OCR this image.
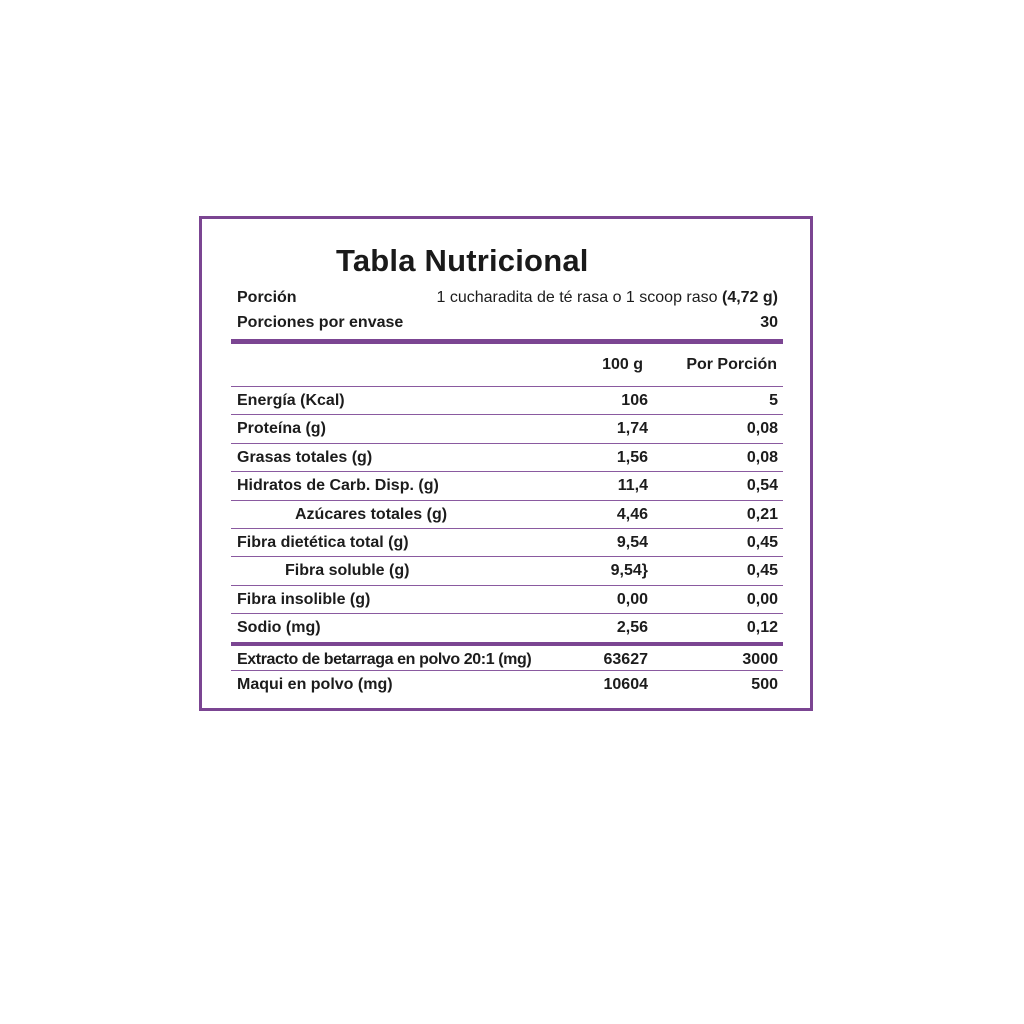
Tabla Nutricional
Porción	1 cucharadita de té rasa o 1 scoop raso (4,72 g)
Porciones por envase	30
100 g	Por Porción
Energía (Kcal)	106	5
Proteína (g)	1,74	0,08
Grasas totales (g)	1,56	0,08
Hidratos de Carb. Disp. (g)	11,4	0,54
Azúcares totales (g)	4,46	0,21
Fibra dietética total (g)	9,54	0,45
Fibra soluble (g)	9,54}	0,45
Fibra insolible (g)	0,00	0,00
Sodio (mg)	2,56	0,12
Extracto de betarraga en polvo 20:1 (mg)	63627	3000
Maqui en polvo (mg)	10604	500
